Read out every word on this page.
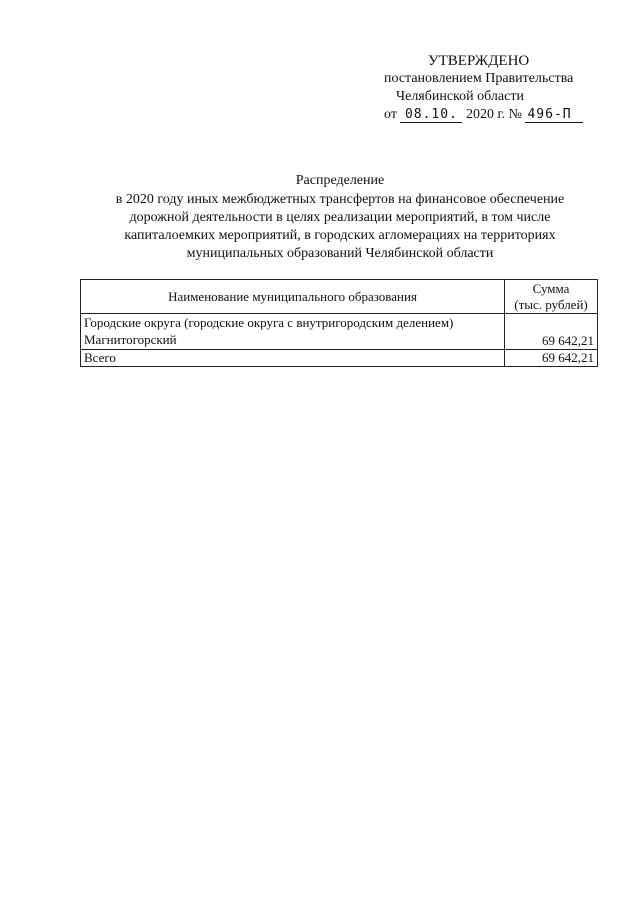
УТВЕРЖДЕНО
постановлением Правительства
Челябинской области
от 08.10. 2020 г. № 496-П
Распределение
в 2020 году иных межбюджетных трансфертов на финансовое обеспечение
дорожной деятельности в целях реализации мероприятий, в том числе
капиталоемких мероприятий, в городских агломерациях на территориях
муниципальных образований Челябинской области
Наименование муниципального образования	Сумма
(тыс. рублей)
Городские округа (городские округа с внутригородским делением)	
Магнитогорский	69 642,21
Всего	69 642,21
